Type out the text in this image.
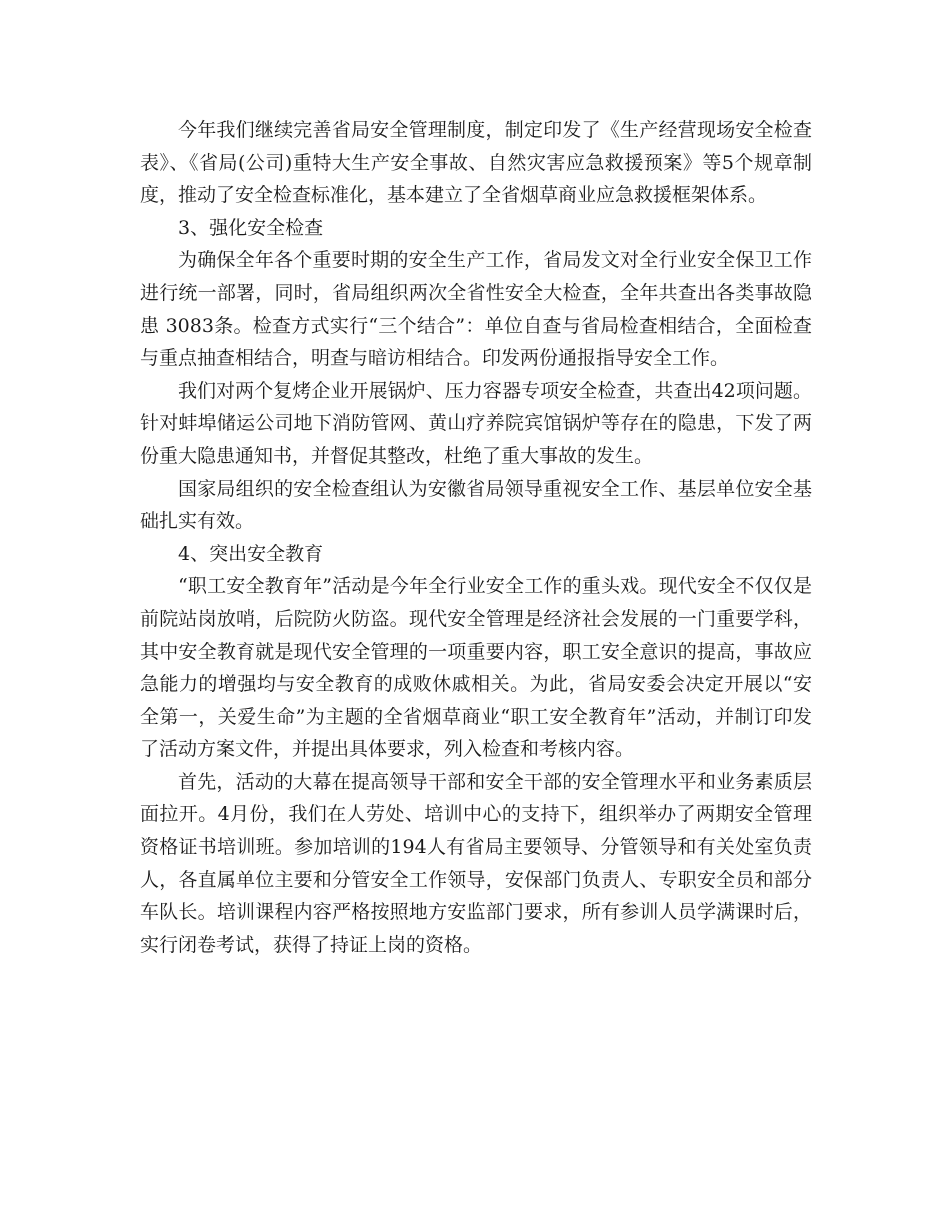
今年我们继续完善省局安全管理制度，制定印发了《生产经营现场安全检查表》、《省局(公司)重特大生产安全事故、自然灾害应急救援预案》等5个规章制度，推动了安全检查标准化，基本建立了全省烟草商业应急救援框架体系。

3、强化安全检查

为确保全年各个重要时期的安全生产工作，省局发文对全行业安全保卫工作进行统一部署，同时，省局组织两次全省性安全大检查，全年共查出各类事故隐患 3083条。检查方式实行“三个结合”：单位自查与省局检查相结合，全面检查与重点抽查相结合，明查与暗访相结合。印发两份通报指导安全工作。

我们对两个复烤企业开展锅炉、压力容器专项安全检查，共查出42项问题。针对蚌埠储运公司地下消防管网、黄山疗养院宾馆锅炉等存在的隐患，下发了两份重大隐患通知书，并督促其整改，杜绝了重大事故的发生。

国家局组织的安全检查组认为安徽省局领导重视安全工作、基层单位安全基础扎实有效。

4、突出安全教育

“职工安全教育年”活动是今年全行业安全工作的重头戏。现代安全不仅仅是前院站岗放哨，后院防火防盗。现代安全管理是经济社会发展的一门重要学科，其中安全教育就是现代安全管理的一项重要内容，职工安全意识的提高，事故应急能力的增强均与安全教育的成败休戚相关。为此，省局安委会决定开展以“安全第一，关爱生命”为主题的全省烟草商业“职工安全教育年”活动，并制订印发了活动方案文件，并提出具体要求，列入检查和考核内容。

首先，活动的大幕在提高领导干部和安全干部的安全管理水平和业务素质层面拉开。4月份，我们在人劳处、培训中心的支持下，组织举办了两期安全管理资格证书培训班。参加培训的194人有省局主要领导、分管领导和有关处室负责人，各直属单位主要和分管安全工作领导，安保部门负责人、专职安全员和部分车队长。培训课程内容严格按照地方安监部门要求，所有参训人员学满课时后，实行闭卷考试，获得了持证上岗的资格。
